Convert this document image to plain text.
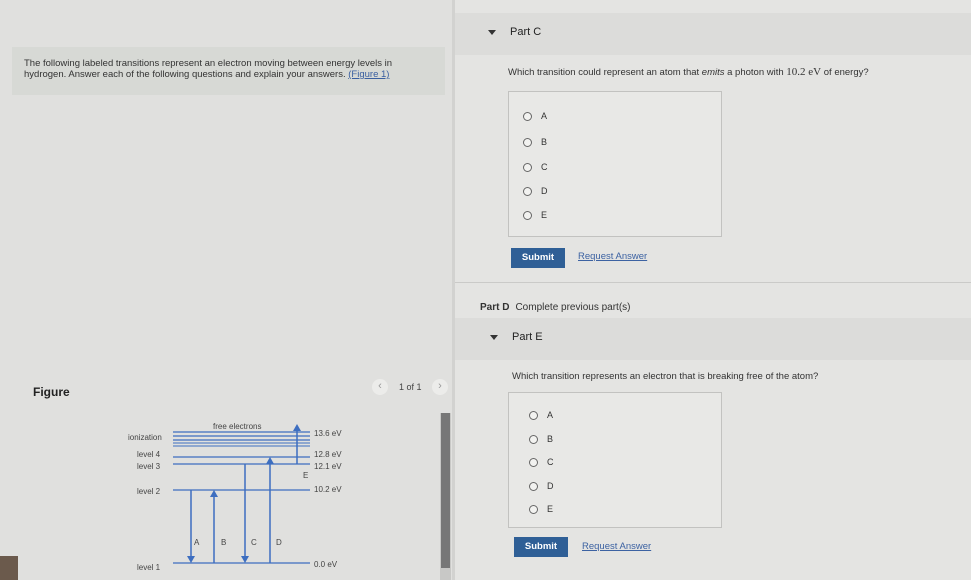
The following labeled transitions represent an electron moving between energy levels in hydrogen. Answer each of the following questions and explain your answers. (Figure 1)
Figure	‹	1 of 1	›
ionization
level 4
level 3
level 2
level 1
13.6 eV
12.8 eV
12.1 eV
10.2 eV
0.0 eV
free electrons
E
A	B	C D
Part C
Which transition could represent an atom that emits a photon with 10.2 eV of energy?
A
B
C
D
E
Submit	Request Answer
Part D Complete previous part(s)
Part E
Which transition represents an electron that is breaking free of the atom?
A
B
C
D
E
Submit	Request Answer
